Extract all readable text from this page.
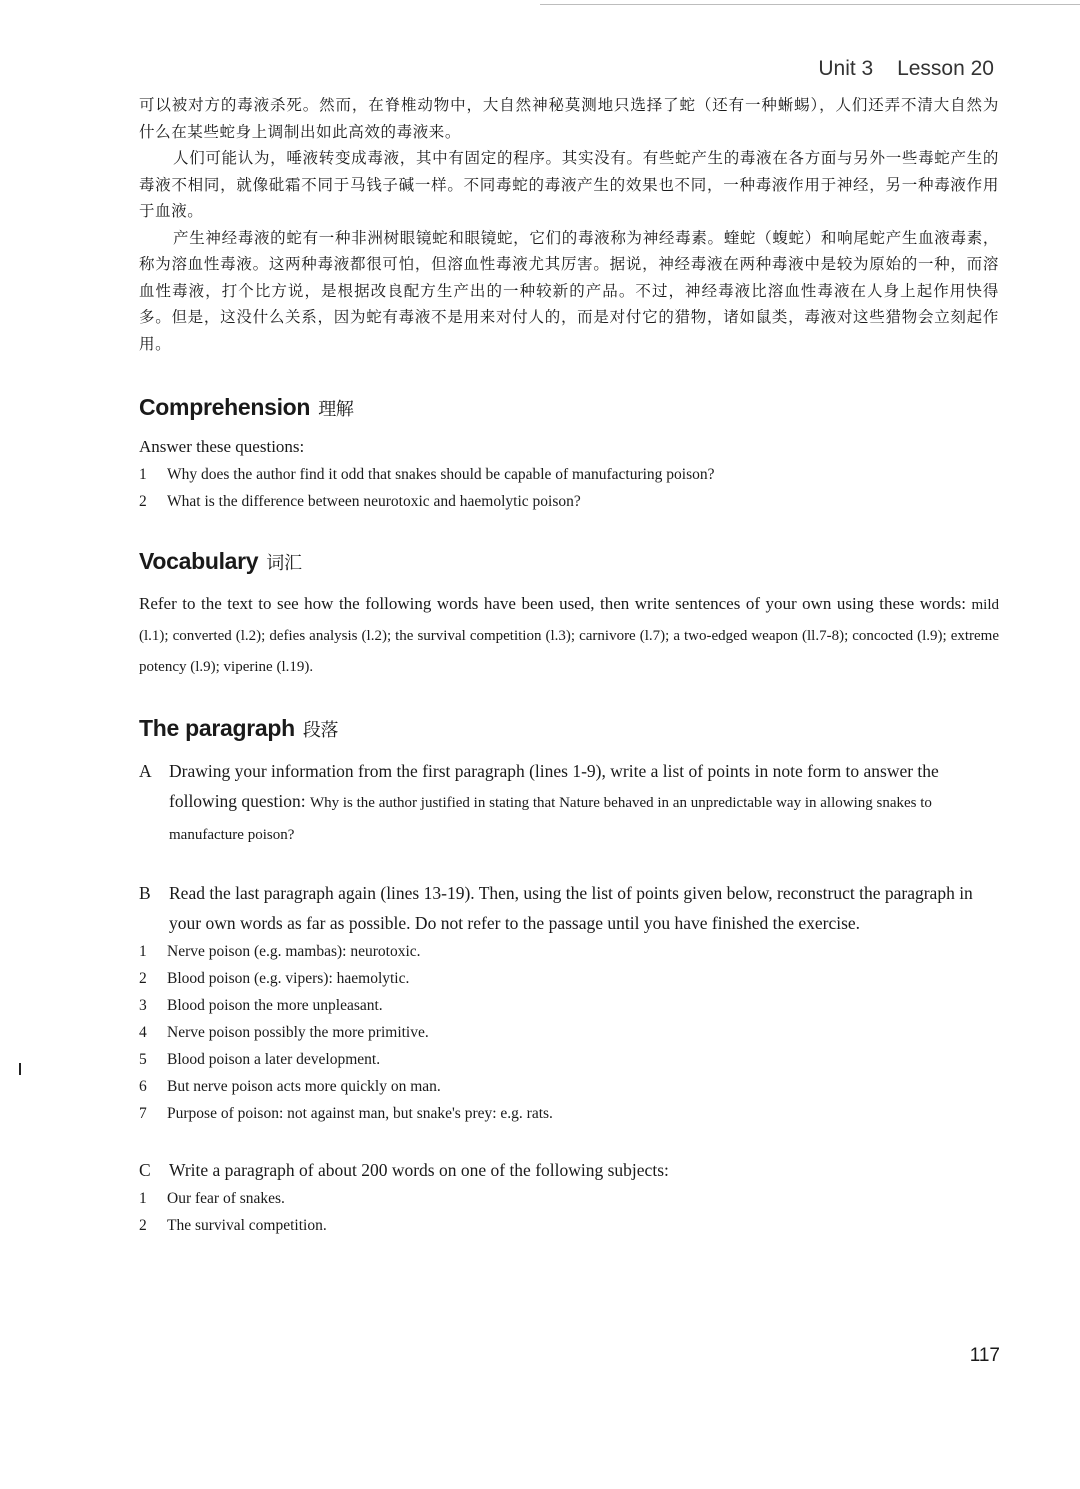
Unit 3 Lesson 20

可以被对方的毒液杀死。然而，在脊椎动物中，大自然神秘莫测地只选择了蛇（还有一种蜥蜴），人们还弄不清大自然为什么在某些蛇身上调制出如此高效的毒液来。

人们可能认为，唾液转变成毒液，其中有固定的程序。其实没有。有些蛇产生的毒液在各方面与另外一些毒蛇产生的毒液不相同，就像砒霜不同于马钱子碱一样。不同毒蛇的毒液产生的效果也不同，一种毒液作用于神经，另一种毒液作用于血液。

产生神经毒液的蛇有一种非洲树眼镜蛇和眼镜蛇，它们的毒液称为神经毒素。蝰蛇（蝮蛇）和响尾蛇产生血液毒素，称为溶血性毒液。这两种毒液都很可怕，但溶血性毒液尤其厉害。据说，神经毒液在两种毒液中是较为原始的一种，而溶血性毒液，打个比方说，是根据改良配方生产出的一种较新的产品。不过，神经毒液比溶血性毒液在人身上起作用快得多。但是，这没什么关系，因为蛇有毒液不是用来对付人的，而是对付它的猎物，诸如鼠类，毒液对这些猎物会立刻起作用。

Comprehension 理解

Answer these questions:

1	Why does the author find it odd that snakes should be capable of manufacturing poison?
2	What is the difference between neurotoxic and haemolytic poison?
Vocabulary 词汇

Refer to the text to see how the following words have been used, then write sentences of your own using these words: mild (l.1); converted (l.2); defies analysis (l.2); the survival competition (l.3); carnivore (l.7); a two-edged weapon (ll.7-8); concocted (l.9); extreme potency (l.9); viperine (l.19).

The paragraph 段落
A Drawing your information from the first paragraph (lines 1-9), write a list of points in note form to answer the following question: Why is the author justified in stating that Nature behaved in an unpredictable way in allowing snakes to manufacture poison?
B	Read the last paragraph again (lines 13-19). Then, using the list of points given below, reconstruct the paragraph in your own words as far as possible. Do not refer to the passage until you have finished the exercise.
1	Nerve poison (e.g. mambas): neurotoxic.
2	Blood poison (e.g. vipers): haemolytic.
3	Blood poison the more unpleasant.
4	Nerve poison possibly the more primitive.
5	Blood poison a later development.
6	But nerve poison acts more quickly on man.
7	Purpose of poison: not against man, but snake's prey: e.g. rats.
C	Write a paragraph of about 200 words on one of the following subjects:
1	Our fear of snakes.
2	The survival competition.
117
